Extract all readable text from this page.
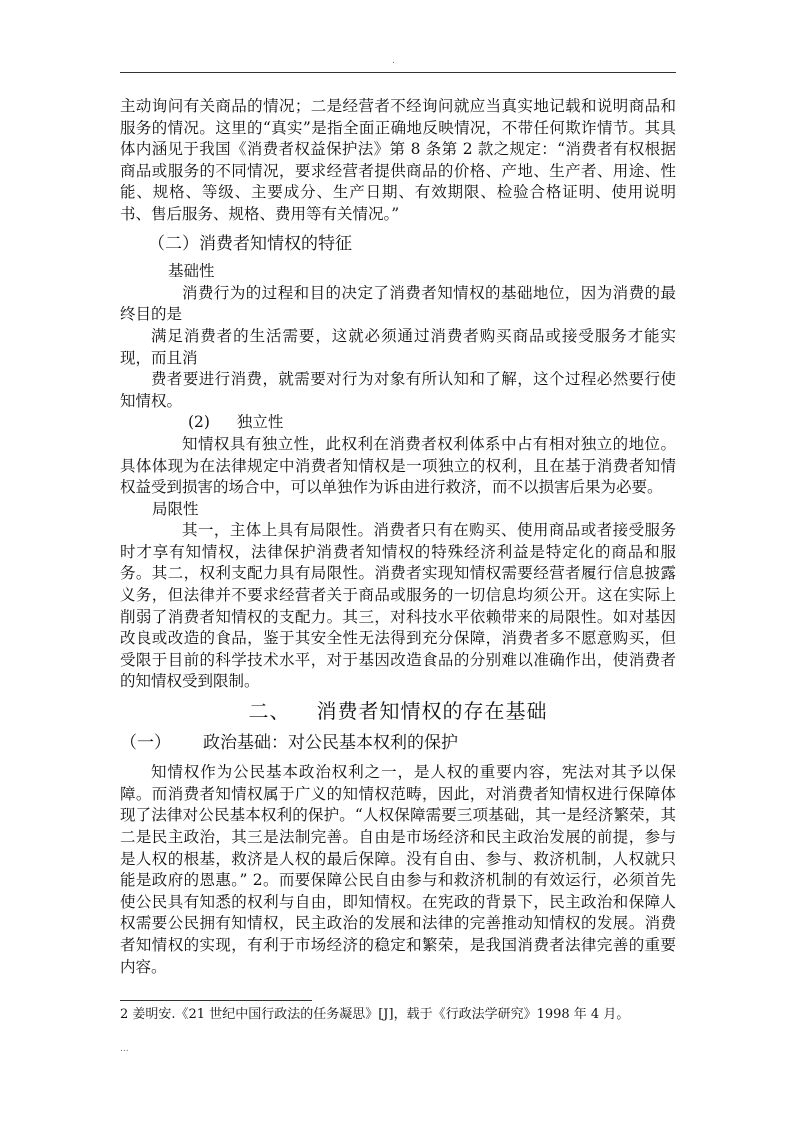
.

主动询问有关商品的情况；二是经营者不经询问就应当真实地记载和说明商品和服务的情况。这里的“真实”是指全面正确地反映情况，不带任何欺诈情节。其具体内涵见于我国《消费者权益保护法》第 8 条第 2 款之规定：“消费者有权根据商品或服务的不同情况，要求经营者提供商品的价格、产地、生产者、用途、性能、规格、等级、主要成分、生产日期、有效期限、检验合格证明、使用说明书、售后服务、规格、费用等有关情况。”

（二）消费者知情权的特征
基础性

消费行为的过程和目的决定了消费者知情权的基础地位，因为消费的最终目的是

满足消费者的生活需要，这就必须通过消费者购买商品或接受服务才能实现，而且消

费者要进行消费，就需要对行为对象有所认知和了解，这个过程必然要行使知情权。

(2) 独立性

知情权具有独立性，此权利在消费者权利体系中占有相对独立的地位。具体体现为在法律规定中消费者知情权是一项独立的权利，且在基于消费者知情权益受到损害的场合中，可以单独作为诉由进行救济，而不以损害后果为必要。

局限性

其一，主体上具有局限性。消费者只有在购买、使用商品或者接受服务时才享有知情权，法律保护消费者知情权的特殊经济利益是特定化的商品和服务。其二，权利支配力具有局限性。消费者实现知情权需要经营者履行信息披露义务，但法律并不要求经营者关于商品或服务的一切信息均须公开。这在实际上削弱了消费者知情权的支配力。其三，对科技水平依赖带来的局限性。如对基因改良或改造的食品，鉴于其安全性无法得到充分保障，消费者多不愿意购买，但受限于目前的科学技术水平，对于基因改造食品的分别难以准确作出，使消费者的知情权受到限制。

二、 消费者知情权的存在基础
（一） 政治基础：对公民基本权利的保护

知情权作为公民基本政治权利之一，是人权的重要内容，宪法对其予以保障。而消费者知情权属于广义的知情权范畴，因此，对消费者知情权进行保障体现了法律对公民基本权利的保护。“人权保障需要三项基础，其一是经济繁荣，其二是民主政治，其三是法制完善。自由是市场经济和民主政治发展的前提，参与是人权的根基，救济是人权的最后保障。没有自由、参与、救济机制，人权就只能是政府的恩惠。” 2。而要保障公民自由参与和救济机制的有效运行，必须首先使公民具有知悉的权利与自由，即知情权。在宪政的背景下，民主政治和保障人权需要公民拥有知情权，民主政治的发展和法律的完善推动知情权的发展。消费者知情权的实现，有利于市场经济的稳定和繁荣，是我国消费者法律完善的重要内容。

2 姜明安.《21 世纪中国行政法的任务凝思》[J]，载于《行政法学研究》1998 年 4 月。
...
